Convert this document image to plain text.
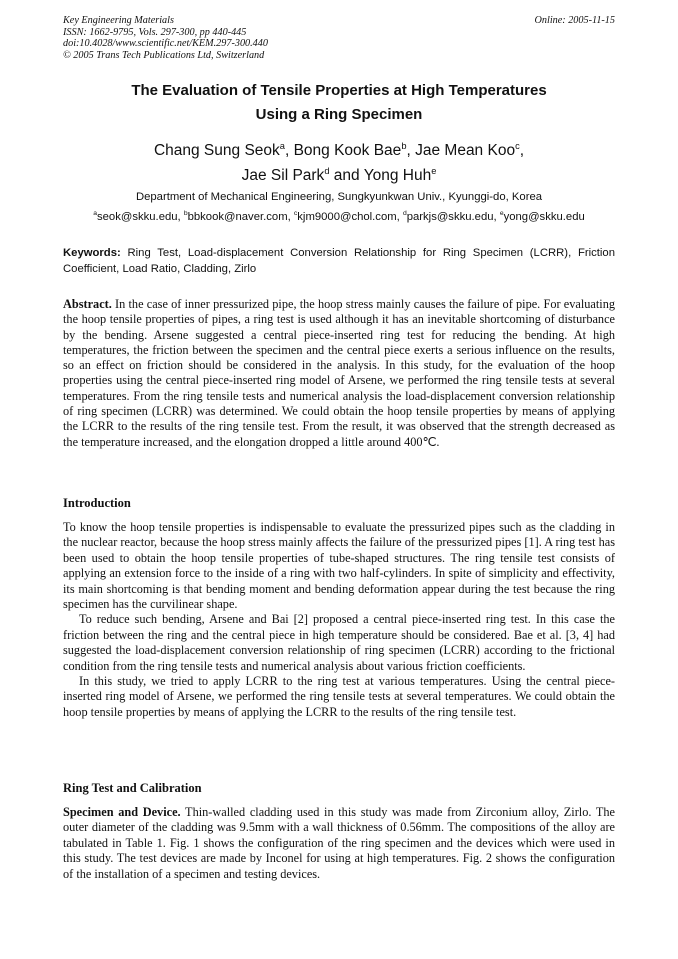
Key Engineering Materials
ISSN: 1662-9795, Vols. 297-300, pp 440-445
doi:10.4028/www.scientific.net/KEM.297-300.440
© 2005 Trans Tech Publications Ltd, Switzerland
Online: 2005-11-15
The Evaluation of Tensile Properties at High Temperatures
Using a Ring Specimen
Chang Sung Seok$^a$, Bong Kook Bae$^b$, Jae Mean Koo$^c$,
Jae Sil Park$^d$ and Yong Huh$^e$
Department of Mechanical Engineering, Sungkyunkwan Univ., Kyunggi-do, Korea
$^a$seok@skku.edu, $^b$bbkook@naver.com, $^c$kjm9000@chol.com, $^d$parkjs@skku.edu, $^e$yong@skku.edu
Keywords: Ring Test, Load-displacement Conversion Relationship for Ring Specimen (LCRR), Friction Coefficient, Load Ratio, Cladding, Zirlo
Abstract. In the case of inner pressurized pipe, the hoop stress mainly causes the failure of pipe. For evaluating the hoop tensile properties of pipes, a ring test is used although it has an inevitable shortcoming of disturbance by the bending. Arsene suggested a central piece-inserted ring test for reducing the bending. At high temperatures, the friction between the specimen and the central piece exerts a serious influence on the results, so an effect on friction should be considered in the analysis. In this study, for the evaluation of the hoop properties using the central piece-inserted ring model of Arsene, we performed the ring tensile tests at several temperatures. From the ring tensile tests and numerical analysis the load-displacement conversion relationship of ring specimen (LCRR) was determined. We could obtain the hoop tensile properties by means of applying the LCRR to the results of the ring tensile test. From the result, it was observed that the strength decreased as the temperature increased, and the elongation dropped a little around 400℃.
Introduction

To know the hoop tensile properties is indispensable to evaluate the pressurized pipes such as the cladding in the nuclear reactor, because the hoop stress mainly affects the failure of the pressurized pipes [1]. A ring test has been used to obtain the hoop tensile properties of tube-shaped structures. The ring tensile test consists of applying an extension force to the inside of a ring with two half-cylinders. In spite of simplicity and effectivity, its main shortcoming is that bending moment and bending deformation appear during the test because the ring specimen has the curvilinear shape.

To reduce such bending, Arsene and Bai [2] proposed a central piece-inserted ring test. In this case the friction between the ring and the central piece in high temperature should be considered. Bae et al. [3, 4] had suggested the load-displacement conversion relationship of ring specimen (LCRR) according to the frictional condition from the ring tensile tests and numerical analysis about various friction coefficients.

In this study, we tried to apply LCRR to the ring test at various temperatures. Using the central piece-inserted ring model of Arsene, we performed the ring tensile tests at several temperatures. We could obtain the hoop tensile properties by means of applying the LCRR to the results of the ring tensile test.

Ring Test and Calibration

Specimen and Device. Thin-walled cladding used in this study was made from Zirconium alloy, Zirlo. The outer diameter of the cladding was 9.5mm with a wall thickness of 0.56mm. The compositions of the alloy are tabulated in Table 1. Fig. 1 shows the configuration of the ring specimen and the devices which were used in this study. The test devices are made by Inconel for using at high temperatures. Fig. 2 shows the configuration of the installation of a specimen and testing devices.
